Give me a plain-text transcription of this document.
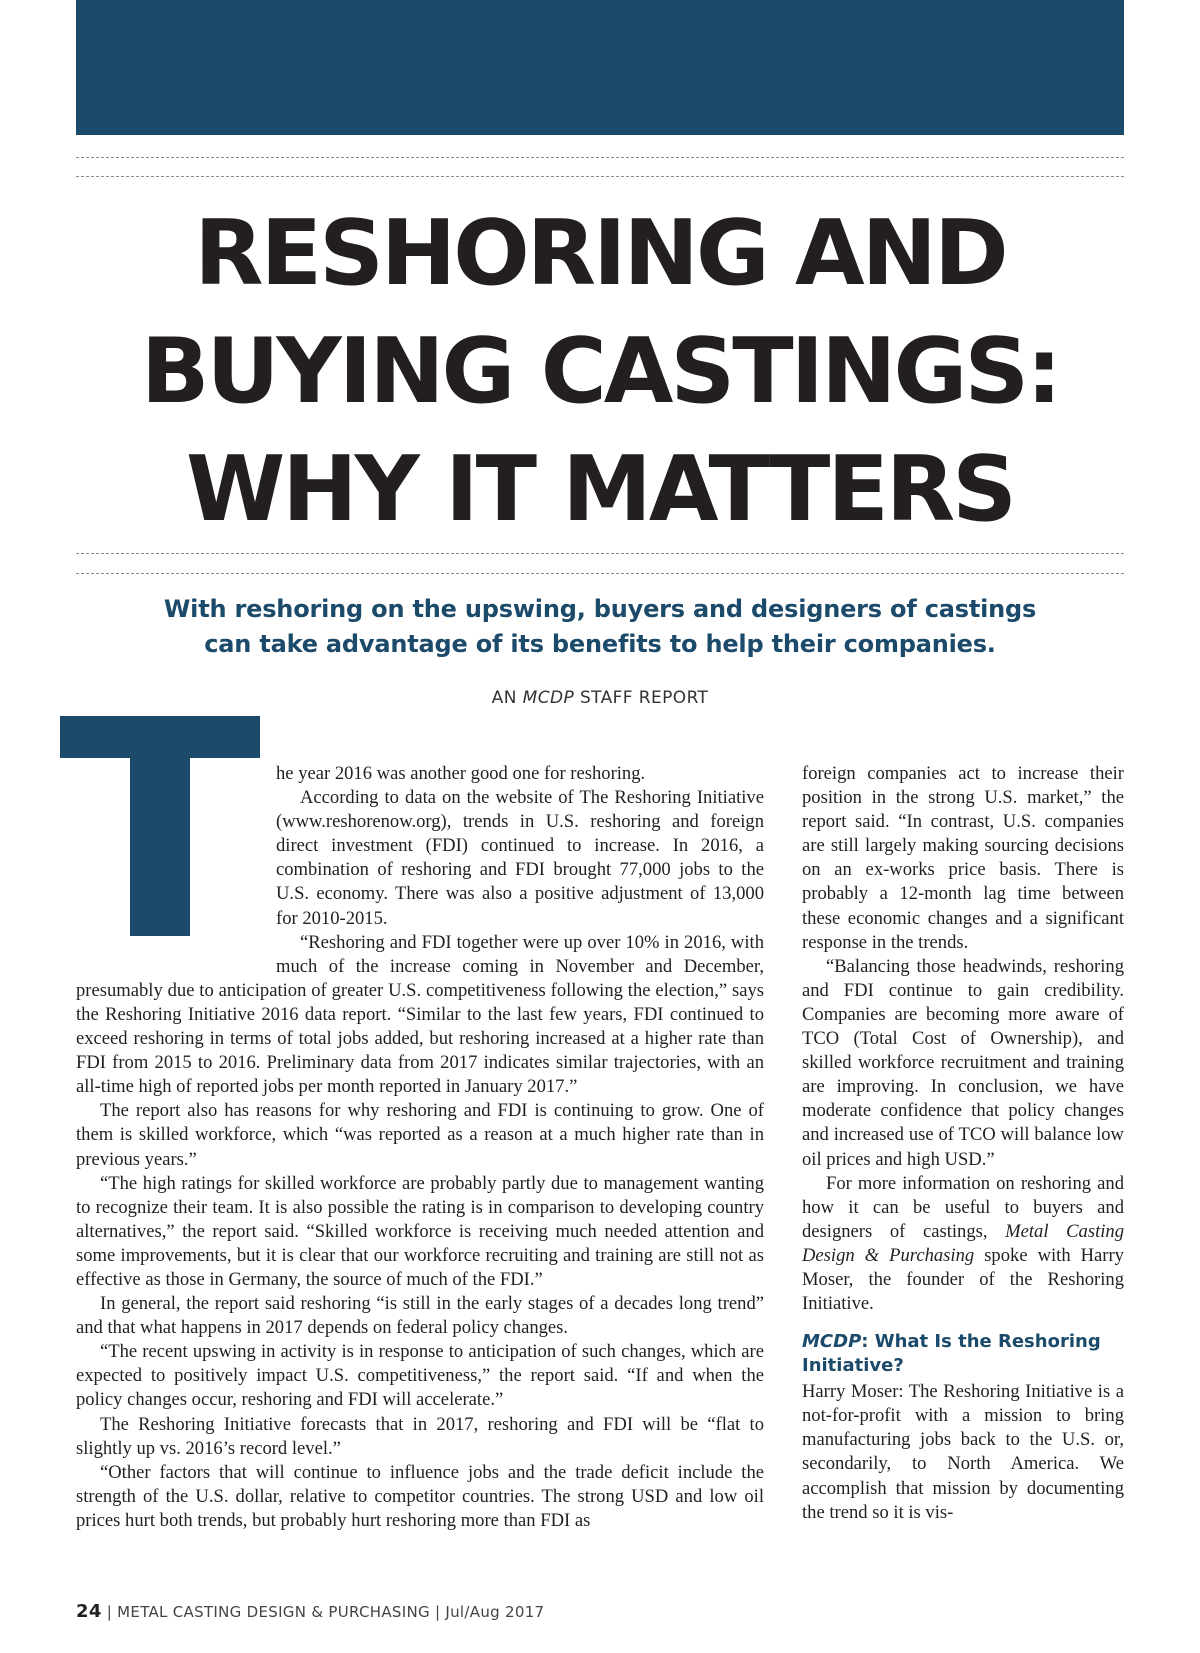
RESHORING AND
BUYING CASTINGS:
WHY IT MATTERS
With reshoring on the upswing, buyers and designers of castings
can take advantage of its benefits to help their companies.
AN MCDP STAFF REPORT

he year 2016 was another good one for reshoring.

According to data on the website of The Reshoring Initiative (www.reshorenow.org), trends in U.S. reshoring and foreign direct investment (FDI) continued to increase. In 2016, a combination of reshoring and FDI brought 77,000 jobs to the U.S. economy. There was also a positive adjustment of 13,000 for 2010-2015.

“Reshoring and FDI together were up over 10% in 2016, with much of the increase coming in November and December, presumably due to anticipation of greater U.S. competitiveness following the election,” says the Reshoring Initiative 2016 data report. “Similar to the last few years, FDI continued to exceed reshoring in terms of total jobs added, but reshoring increased at a higher rate than FDI from 2015 to 2016. Preliminary data from 2017 indicates similar trajectories, with an all-time high of reported jobs per month reported in January 2017.”

The report also has reasons for why reshoring and FDI is continuing to grow. One of them is skilled workforce, which “was reported as a reason at a much higher rate than in previous years.”

“The high ratings for skilled workforce are probably partly due to management wanting to recognize their team. It is also possible the rating is in comparison to developing country alternatives,” the report said. “Skilled workforce is receiving much needed attention and some improvements, but it is clear that our workforce recruiting and training are still not as effective as those in Germany, the source of much of the FDI.”

In general, the report said reshoring “is still in the early stages of a decades long trend” and that what happens in 2017 depends on federal policy changes.

“The recent upswing in activity is in response to anticipation of such changes, which are expected to positively impact U.S. competitiveness,” the report said. “If and when the policy changes occur, reshoring and FDI will accelerate.”

The Reshoring Initiative forecasts that in 2017, reshoring and FDI will be “flat to slightly up vs. 2016’s record level.”

“Other factors that will continue to influence jobs and the trade deficit include the strength of the U.S. dollar, relative to competitor countries. The strong USD and low oil prices hurt both trends, but probably hurt reshoring more than FDI as

foreign companies act to increase their position in the strong U.S. market,” the report said. “In contrast, U.S. companies are still largely making sourcing decisions on an ex-works price basis. There is probably a 12-month lag time between these economic changes and a significant response in the trends.

“Balancing those headwinds, reshoring and FDI continue to gain credibility. Companies are becoming more aware of TCO (Total Cost of Ownership), and skilled workforce recruitment and training are improving. In conclusion, we have moderate confidence that policy changes and increased use of TCO will balance low oil prices and high USD.”

For more information on reshoring and how it can be useful to buyers and designers of castings, Metal Casting Design & Purchasing spoke with Harry Moser, the founder of the Reshoring Initiative.

MCDP: What Is the Reshoring Initiative?

Harry Moser: The Reshoring Initiative is a not-for-profit with a mission to bring manufacturing jobs back to the U.S. or, secondarily, to North America. We accomplish that mission by documenting the trend so it is vis-

24 | METAL CASTING DESIGN & PURCHASING | Jul/Aug 2017
